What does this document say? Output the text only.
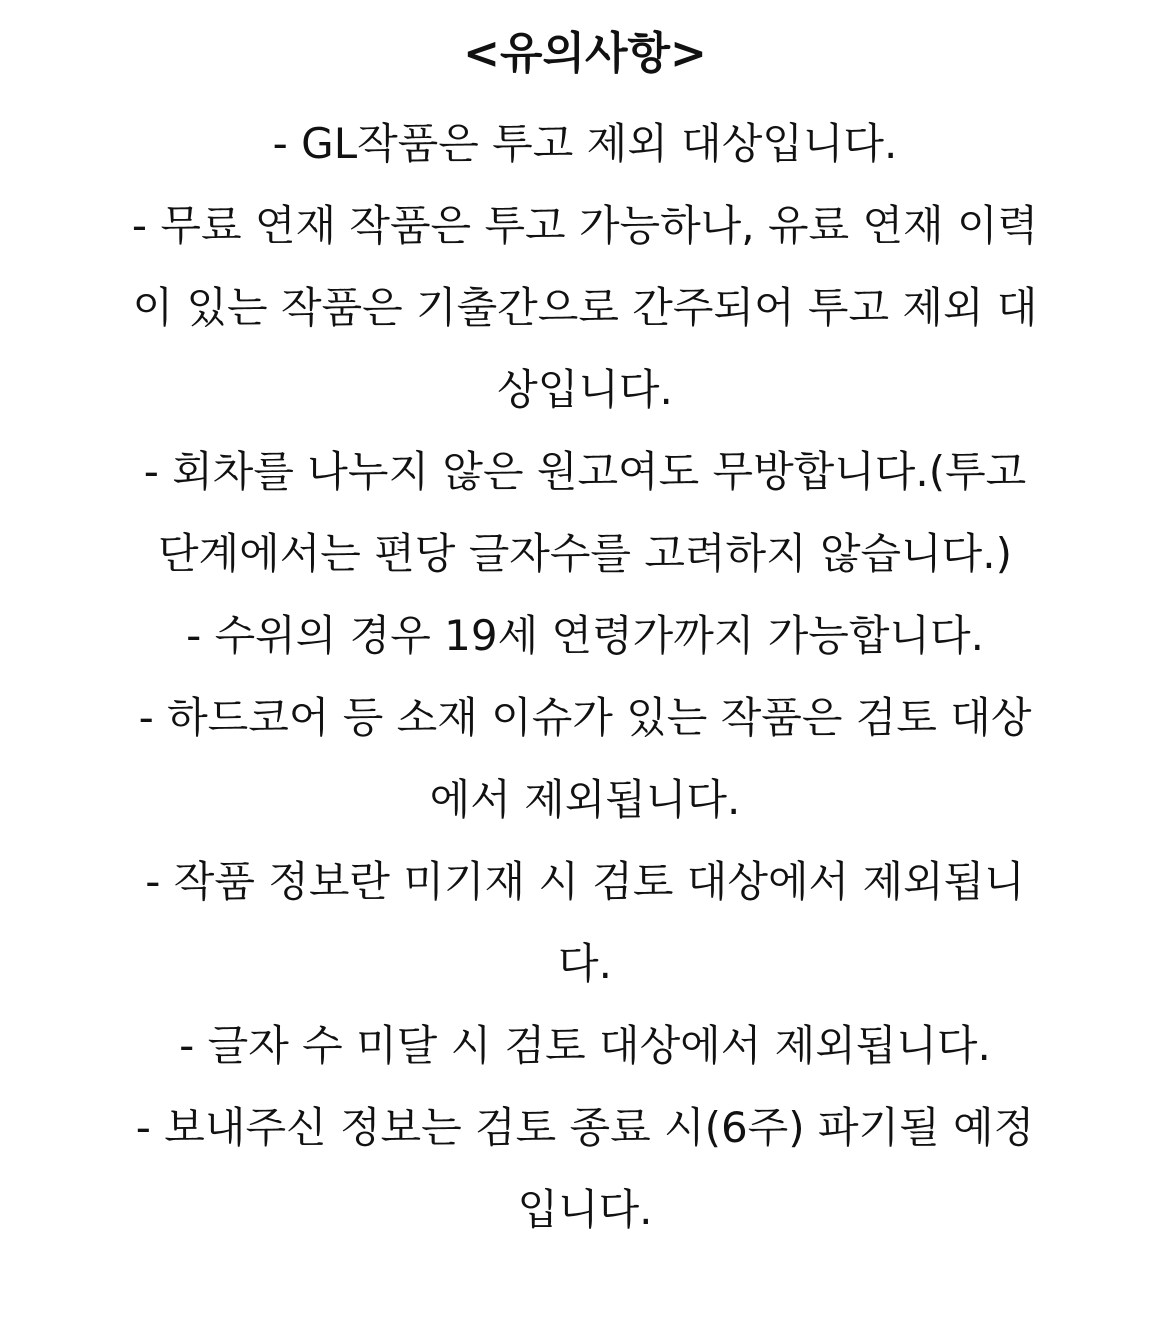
<유의사항>
- GL작품은 투고 제외 대상입니다.
- 무료 연재 작품은 투고 가능하나, 유료 연재 이력
이 있는 작품은 기출간으로 간주되어 투고 제외 대
상입니다.
- 회차를 나누지 않은 원고여도 무방합니다.(투고
단계에서는 편당 글자수를 고려하지 않습니다.)
- 수위의 경우 19세 연령가까지 가능합니다.
- 하드코어 등 소재 이슈가 있는 작품은 검토 대상
에서 제외됩니다.
- 작품 정보란 미기재 시 검토 대상에서 제외됩니
다.
- 글자 수 미달 시 검토 대상에서 제외됩니다.
- 보내주신 정보는 검토 종료 시(6주) 파기될 예정
입니다.
